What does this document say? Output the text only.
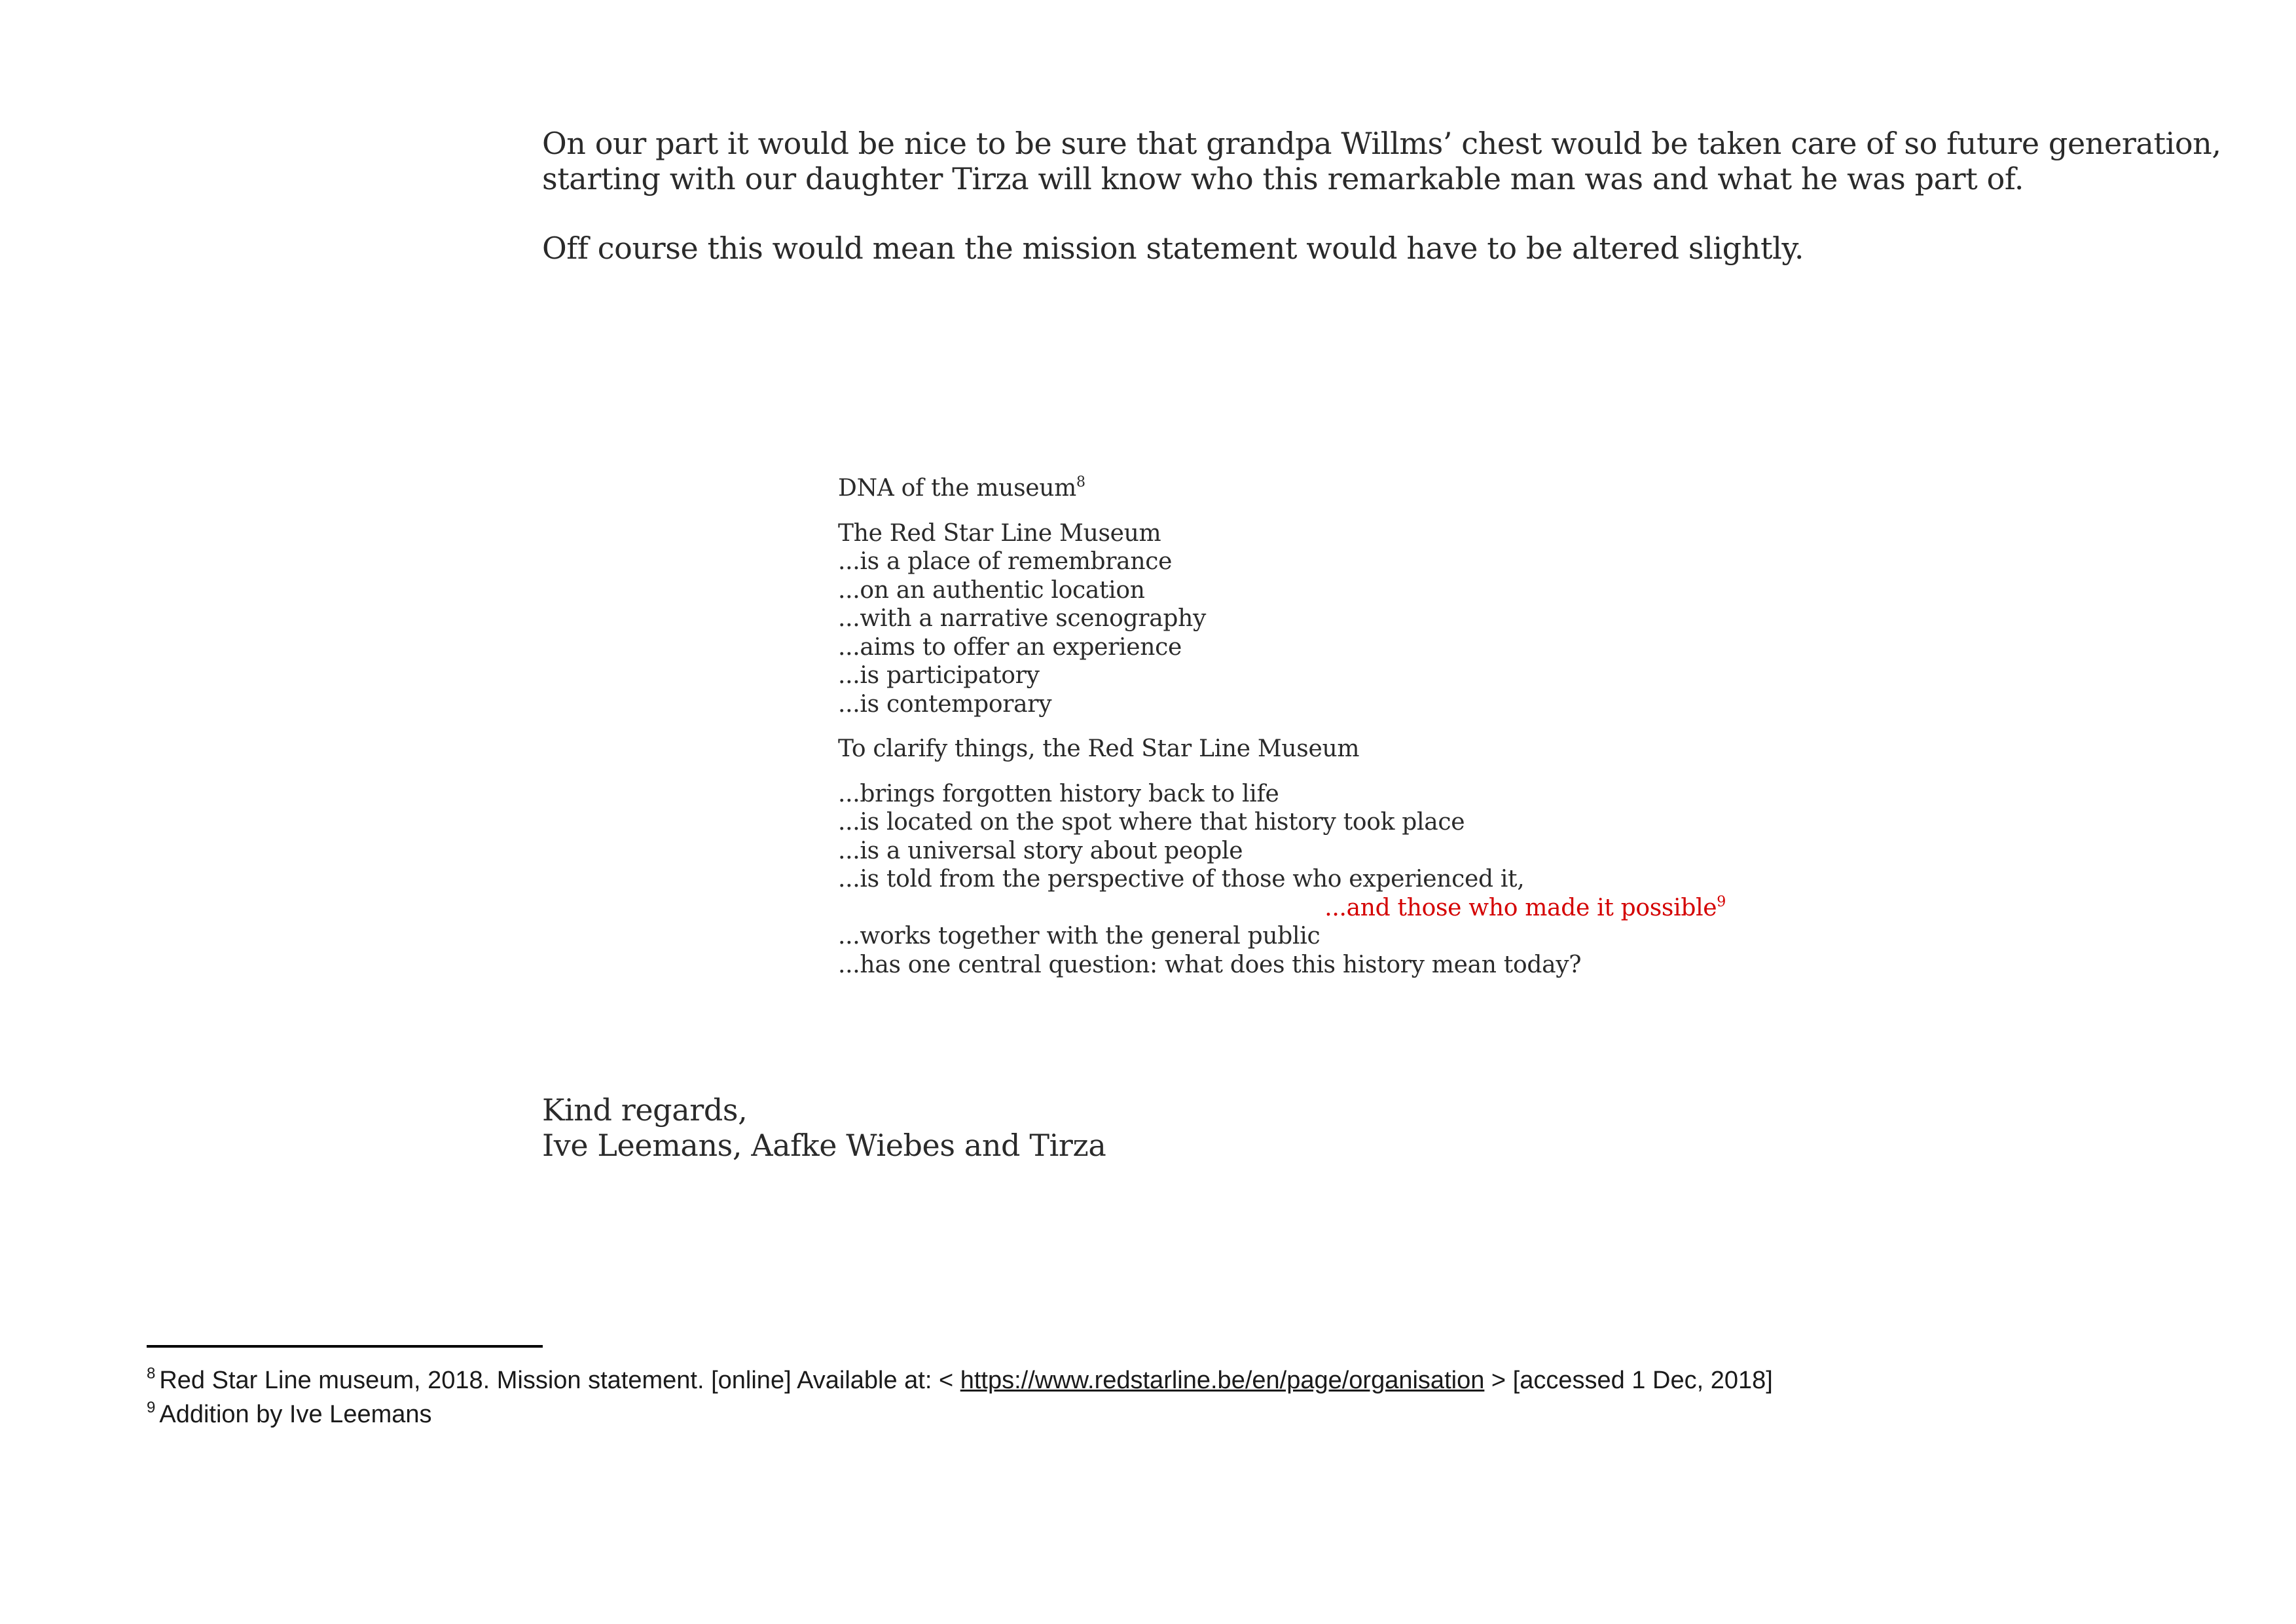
On our part it would be nice to be sure that grandpa Willms’ chest would be taken care of so future generation,

starting with our daughter Tirza will know who this remarkable man was and what he was part of.

Off course this would mean the mission statement would have to be altered slightly.

DNA of the museum$^8$

The Red Star Line Museum

...is a place of remembrance

...on an authentic location

...with a narrative scenography

...aims to offer an experience

...is participatory

...is contemporary

To clarify things, the Red Star Line Museum

...brings forgotten history back to life

...is located on the spot where that history took place

...is a universal story about people

...is told from the perspective of those who experienced it,

...and those who made it possible$^9$

...works together with the general public

...has one central question: what does this history mean today?

Kind regards,

Ive Leemans, Aafke Wiebes and Tirza

$^8$ Red Star Line museum, 2018. Mission statement. [online] Available at: < https://www.redstarline.be/en/page/organisation > [accessed 1 Dec, 2018]

$^9$ Addition by Ive Leemans
